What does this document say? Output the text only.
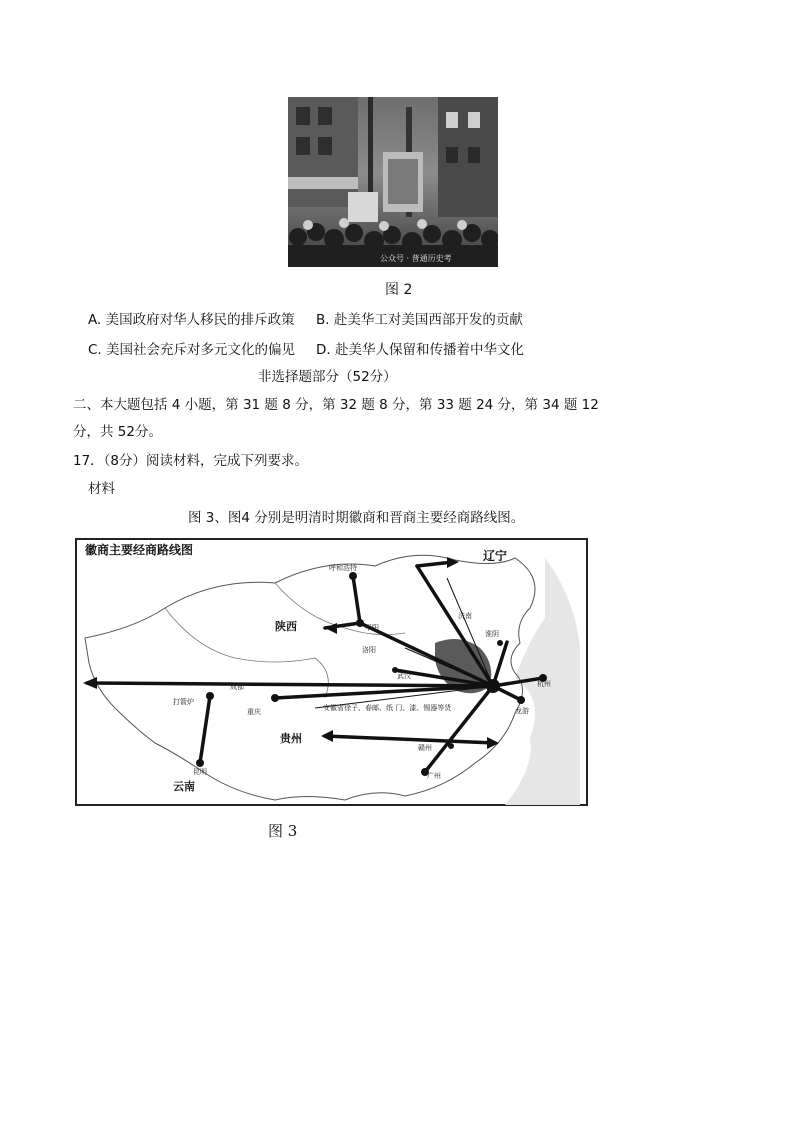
公众号 · 普通历史考
图 2
A. 美国政府对华人移民的排斥政策 B. 赴美华工对美国西部开发的贡献
C. 美国社会充斥对多元文化的偏见 D. 赴美华人保留和传播着中华文化
非选择题部分（52分）
二、本大题包括 4 小题，第 31 题 8 分，第 32 题 8 分，第 33 题 24 分，第 34 题 12
分，共 52分。
17．（8分）阅读材料，完成下列要求。
材料
图 3、图4 分别是明清时期徽商和晋商主要经商路线图。
徽商主要经商路线图	辽宁
陕西
贵州
云南
呼和浩特
平阳
济南
洛阳
成都
重庆
打箭炉
武汉
淮阴
杭州
龙游
赣州
广州
昆明
安徽省徐子、春邮、纸 门、漆、锡器等货
图 3
